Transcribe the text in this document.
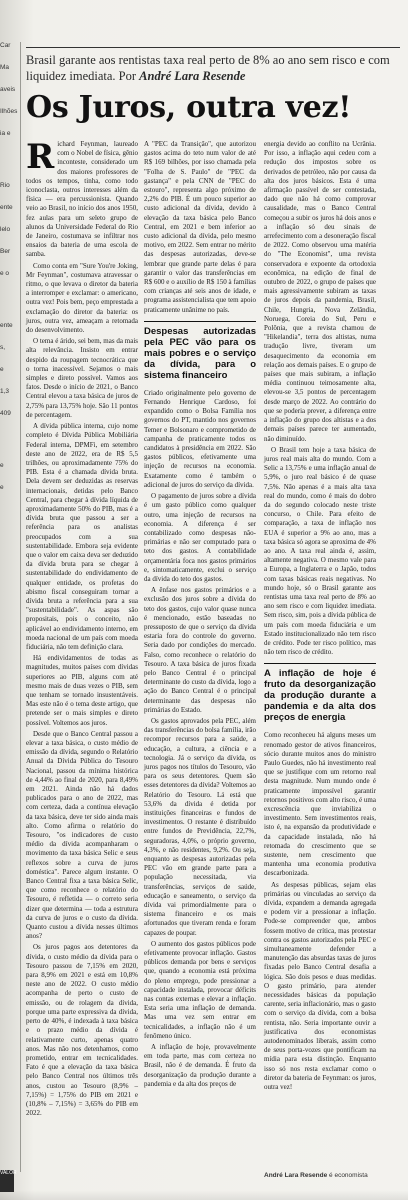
Car
Ma
aveis
Ilhões
ia e
Rio
ente
lelo
Ber
e o
ente
s,
e
1,3
409
e
e
Brasil garante aos rentistas taxa real perto de 8% ao ano sem risco e com liquidez imediata. Por André Lara Resende
Os Juros, outra vez!

Richard Feynman, laureado com o Nobel de física, gênio inconteste, considerado um dos maiores professores de todos os tempos, tinha, como todo iconoclasta, outros interesses além da física — era percussionista. Quando veio ao Brasil, no início dos anos 1950, fez aulas para um seleto grupo de alunos da Universidade Federal do Rio de Janeiro, costumava se infiltrar nos ensaios da bateria de uma escola de samba.

Como conta em "Sure You're Joking, Mr Feynman", costumava atravessar o ritmo, o que levava o diretor da bateria a interromper e exclamar: o americano, outra vez! Pois bem, peço emprestada a exclamação do diretor da bateria: os juros, outra vez, ameaçam a retomada do desenvolvimento.

O tema é árido, sei bem, mas da mais alta relevância. Insisto em entrar despido da roupagem tecnocrática que o torna inacessível. Sejamos o mais simples e direto possível. Vamos aos fatos. Desde o início de 2021, o Banco Central elevou a taxa básica de juros de 2,75% para 13,75% hoje. São 11 pontos de percentagem.

A dívida pública interna, cujo nome completo é Dívida Pública Mobiliária Federal interna, DPMFi, em setembro deste ano de 2022, era de R$ 5,5 trilhões, ou aproximadamente 75% do PIB. Esta é a chamada dívida bruta. Dela devem ser deduzidas as reservas internacionais, detidas pelo Banco Central, para chegar à dívida líquida de aproximadamente 50% do PIB, mas é a dívida bruta que passou a ser a referência para os analistas preocupados com a sua sustentabilidade. Embora seja evidente que o valor em caixa deva ser deduzido da dívida bruta para se chegar à sustentabilidade do endividamento de qualquer entidade, os profetas do abismo fiscal conseguiram tornar a dívida bruta a referência para a sua "sustentabilidade". As aspas são propositais, pois o conceito, não aplicável ao endividamento interno, em moeda nacional de um país com moeda fiduciária, não tem definição clara.

Há endividamentos de todas as magnitudes, muitos países com dívidas superiores ao PIB, alguns com até mesmo mais de duas vezes o PIB, sem que tenham se tornado insustentáveis. Mas este não é o tema deste artigo, que pretende ser o mais simples e direto possível. Voltemos aos juros.

Desde que o Banco Central passou a elevar a taxa básica, o custo médio de emissão da dívida, segundo o Relatório Anual da Dívida Pública do Tesouro Nacional, passou da mínima histórica de 4,44% ao final de 2020, para 8,49% em 2021. Ainda não há dados publicados para o ano de 2022, mas com certeza, dada a contínua elevação da taxa básica, deve ter sido ainda mais alto. Como afirma o relatório do Tesouro, "os indicadores de custo médio da dívida acompanharam o movimento da taxa básica Selic e seus reflexos sobre a curva de juros doméstica". Parece algum instante. O Banco Central fixa a taxa básica Selic, que como reconhece o relatório do Tesouro, é refletida — o correto seria dizer que determina — toda a estrutura da curva de juros e o custo da dívida. Quanto custou a dívida nesses últimos anos?

Os juros pagos aos detentores da dívida, o custo médio da dívida para o Tesouro passou de 7,15% em 2020, para 8,9% em 2021 e está em 10,8% neste ano de 2022. O custo médio acompanha de perto o custo de emissão, ou de rolagem da dívida, porque uma parte expressiva da dívida, perto de 40%, é indexada à taxa básica e o prazo médio da dívida é relativamente curto, apenas quatro anos. Mas não nos detenhamos, como prometido, entrar em tecnicalidades. Fato é que a elevação da taxa básica pelo Banco Central nos últimos três anos, custou ao Tesouro (8,9% – 7,15%) = 1,75% do PIB em 2021 e (10,8% – 7,15%) = 3,65% do PIB em 2022.

A "PEC da Transição", que autorizou gastos acima do teto num valor de até R$ 169 bilhões, por isso chamada pela "Folha de S. Paulo" de "PEC da gastança" e pela CNN de "PEC do estouro", representa algo próximo de 2,2% do PIB. É um pouco superior ao custo adicional da dívida, devido à elevação da taxa básica pelo Banco Central, em 2021 e bem inferior ao custo adicional da dívida, pelo mesmo motivo, em 2022. Sem entrar no mérito das despesas autorizadas, deve-se lembrar que grande parte delas é para garantir o valor das transferências em R$ 600 e o auxílio de R$ 150 à famílias com crianças até seis anos de idade, e programa assistencialista que tem apoio praticamente unânime no país.

Despesas autorizadas pela PEC vão para os mais pobres e o serviço da dívida, para o sistema financeiro

Criado originalmente pelo governo de Fernando Henrique Cardoso, foi expandido como o Bolsa Família nos governos do PT, mantido nos governos Temer e Bolsonaro e comprometido de campanha de praticamente todos os candidatos à presidência em 2022. São gastos públicos, efetivamente uma injeção de recursos na economia. Exatamente como é também o adicional de juros do serviço da dívida.

O pagamento de juros sobre a dívida é um gasto público como qualquer outro, uma injeção de recursos na economia. A diferença é ser contabilizado como despesas não-primárias e não ser computado para o teto dos gastos. A contabilidade orçamentária foca nos gastos primários e, sintomaticamente, exclui o serviço da dívida do teto dos gastos.

A ênfase nos gastos primários e a exclusão dos juros sobre a dívida do teto dos gastos, cujo valor quase nunca é mencionado, estão baseadas no pressuposto de que o serviço da dívida estaria fora do controle do governo. Seria dado por condições do mercado. Falso, como reconhece o relatório do Tesouro. A taxa básica de juros fixada pelo Banco Central é o principal determinante do custo da dívida, logo a ação do Banco Central é o principal determinante das despesas não primárias do Estado.

Os gastos aprovados pela PEC, além das transferências do bolsa família, irão recompor recursos para a saúde, a educação, a cultura, a ciência e a tecnologia. Já o serviço da dívida, os juros pagos nos títulos do Tesouro, vão para os seus detentores. Quem são esses detentores da dívida? Voltemos ao Relatório do Tesouro. Lá está que 53,6% da dívida é detida por instituições financeiras e fundos de investimentos. O restante é distribuído entre fundos de Previdência, 22,7%, seguradoras, 4,0%, o próprio governo, 4,3%, e não residentes, 9,2%. Ou seja, enquanto as despesas autorizadas pela PEC vão em grande parte para a população necessitada, via transferências, serviços de saúde, educação e saneamento, o serviço da dívida vai primordialmente para o sistema financeiro e os mais afortunados que tiveram renda e foram capazes de poupar.

O aumento dos gastos públicos pode efetivamente provocar inflação. Gastos públicos demanda por bens e serviços que, quando a economia está próxima do pleno emprego, pode pressionar a capacidade instalada, provocar déficits nas contas externas e elevar a inflação. Esta seria uma inflação de demanda. Mas uma vez sem entrar em tecnicalidades, a inflação não é um fenômeno único.

A inflação de hoje, provavelmente em toda parte, mas com certeza no Brasil, não é de demanda. É fruto da desorganização da produção durante a pandemia e da alta dos preços de

energia devido ao conflito na Ucrânia. Por isso, a inflação aqui cedeu com a redução dos impostos sobre os derivados de petróleo, não por causa da alta dos juros básicos. Esta é uma afirmação passível de ser contestada, dado que não há como comprovar causalidade, mas o Banco Central começou a subir os juros há dois anos e a inflação só deu sinais de arrefecimento com a desoneração fiscal de 2022. Como observou uma matéria do "The Economist", uma revista conservadora e expoente da ortodoxia econômica, na edição de final de outubro de 2022, o grupo de países que mais agressivamente subiram as taxas de juros depois da pandemia, Brasil, Chile, Hungria, Nova Zelândia, Noruega, Coreia do Sul, Peru e Polônia, que a revista chamou de "Hikelandia", terra dos altistas, numa tradução livre, tiveram um desaquecimento da economia em relação aos demais países. E o grupo de países que mais subiram, a inflação média continuou teimosamente alta, elevou-se 3,5 pontos de percentagem desde março de 2022. Ao contrário do que se poderia prever, a diferença entre a inflação do grupo dos altistas e a dos demais países parece ter aumentado, não diminuído.

O Brasil tem hoje a taxa básica de juros real mais alta do mundo. Com a Selic a 13,75% e uma inflação anual de 5,9%, o juro real básico é de quase 7,5%. Não apenas é a mais alta taxa real do mundo, como é mais do dobro da do segundo colocado neste triste concurso, o Chile. Para efeito de comparação, a taxa de inflação nos EUA é superior a 9% ao ano, mas a taxa básica só agora se aproxima de 4% ao ano. A taxa real ainda é, assim, altamente negativa. O mesmo vale para a Europa, a Inglaterra e o Japão, todos com taxas básicas reais negativas. No mundo hoje, só o Brasil garante aos rentistas uma taxa real perto de 8% ao ano sem risco e com liquidez imediata. Sem risco, sim, pois a dívida pública de um país com moeda fiduciária e um Estado institucionalizado não tem risco de crédito. Pode ter risco político, mas não tem risco de crédito.

A inflação de hoje é fruto da desorganização da produção durante a pandemia e da alta dos preços de energia

Como reconheceu há alguns meses um renomado gestor de ativos financeiros, sócio durante muitos anos do ministro Paulo Guedes, não há investimento real que se justifique com um retorno real desta magnitude. Num mundo onde é praticamente impossível garantir retornos positivos com alto risco, é uma excrescência que inviabiliza o investimento. Sem investimentos reais, isto é, na expansão da produtividade e da capacidade instalada, não há retomada do crescimento que se sustente, nem crescimento que mantenha uma economia produtiva descarbonizada.

As despesas públicas, sejam elas primárias ou vinculadas ao serviço da dívida, expandem a demanda agregada e podem vir a pressionar a inflação. Pode-se compreender que, ambos fossem motivo de crítica, mas protestar contra os gastos autorizados pela PEC e simultaneamente defender a manutenção das absurdas taxas de juros fixadas pelo Banco Central desafia a lógica. São dois pesos e duas medidas. O gasto primário, para atender necessidades básicas da população carente, seria inflacionário, mas o gasto com o serviço da dívida, com a bolsa rentista, não. Seria importante ouvir a justificativa dos economistas autodenominados liberais, assim como de seus porta-vozes que pontificam na mídia para esta distinção. Enquanto isso só nos resta exclamar como o diretor da bateria de Feynman: os juros, outra vez!

André Lara Resende é economista
VALOR
